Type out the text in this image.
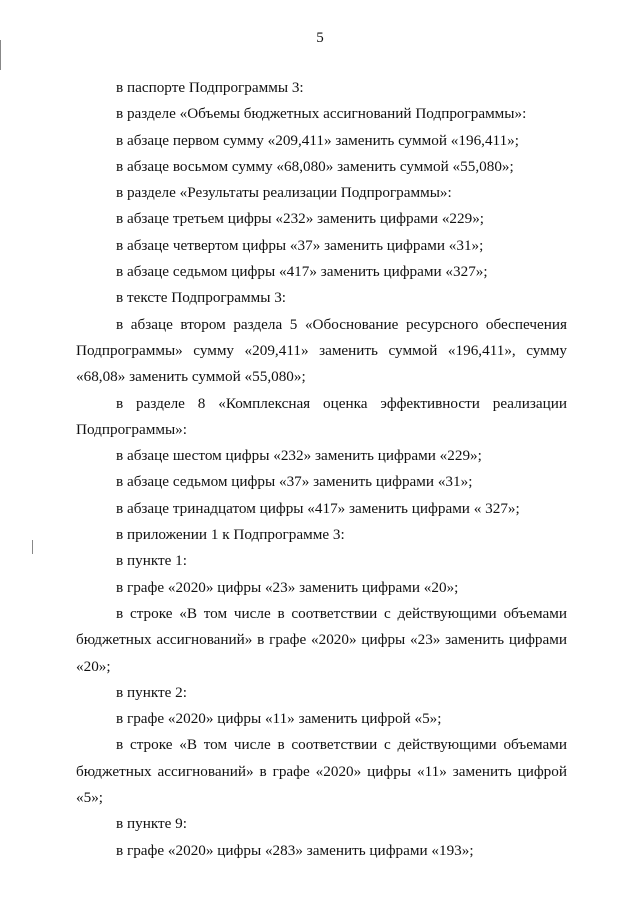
5

в паспорте Подпрограммы 3:

в разделе «Объемы бюджетных ассигнований Подпрограммы»:

в абзаце первом сумму «209,411» заменить суммой «196,411»;

в абзаце восьмом сумму «68,080» заменить суммой «55,080»;

в разделе «Результаты реализации Подпрограммы»:

в абзаце третьем цифры «232» заменить цифрами «229»;

в абзаце четвертом цифры «37» заменить цифрами «31»;

в абзаце седьмом цифры «417» заменить цифрами «327»;

в тексте Подпрограммы 3:

в абзаце втором раздела 5 «Обоснование ресурсного обеспечения Подпрограммы» сумму «209,411» заменить суммой «196,411», сумму «68,08» заменить суммой «55,080»;

в разделе 8 «Комплексная оценка эффективности реализации Подпрограммы»:

в абзаце шестом цифры «232» заменить цифрами «229»;

в абзаце седьмом цифры «37» заменить цифрами «31»;

в абзаце тринадцатом цифры «417» заменить цифрами « 327»;

в приложении 1 к Подпрограмме 3:

в пункте 1:

в графе «2020» цифры «23» заменить цифрами «20»;

в строке «В том числе в соответствии с действующими объемами бюджетных ассигнований» в графе «2020» цифры «23» заменить цифрами «20»;

в пункте 2:

в графе «2020» цифры «11» заменить цифрой «5»;

в строке «В том числе в соответствии с действующими объемами бюджетных ассигнований» в графе «2020» цифры «11» заменить цифрой «5»;

в пункте 9:

в графе «2020» цифры «283» заменить цифрами «193»;
